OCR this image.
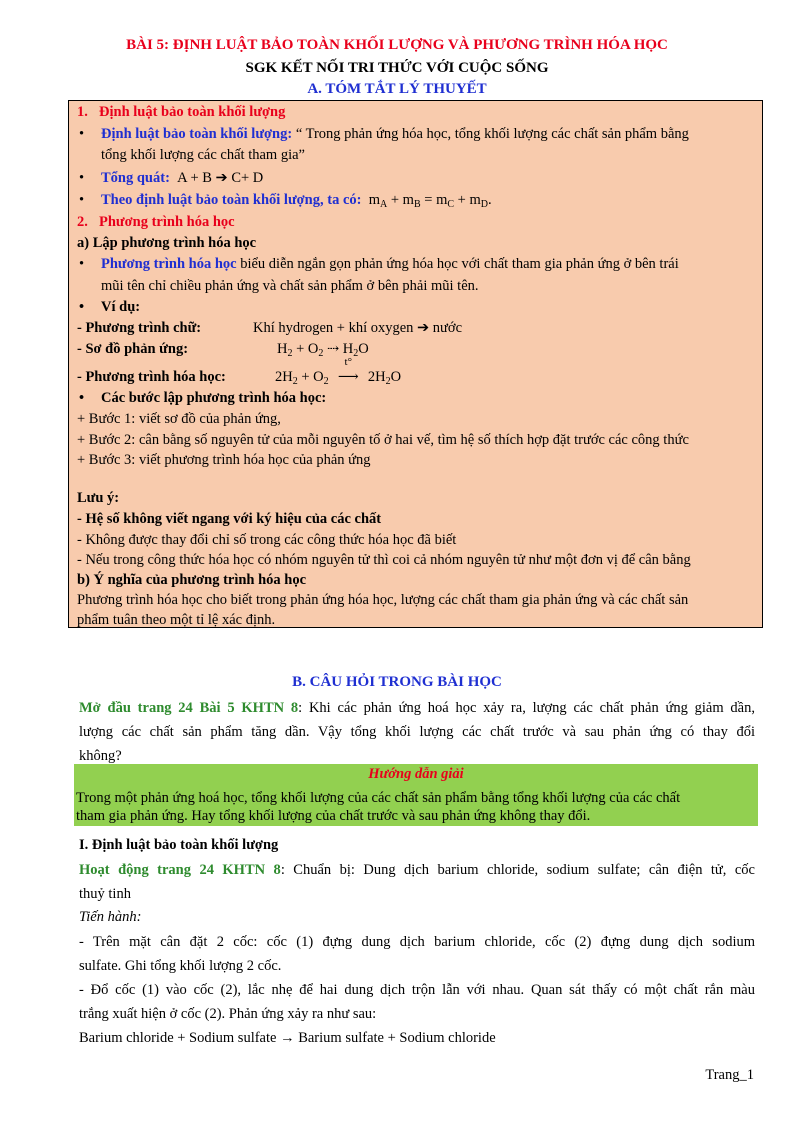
BÀI 5: ĐỊNH LUẬT BẢO TOÀN KHỐI LƯỢNG VÀ PHƯƠNG TRÌNH HÓA HỌC
SGK KẾT NỐI TRI THỨC VỚI CUỘC SỐNG
A. TÓM TẮT LÝ THUYẾT
1. Định luật bảo toàn khối lượng
• Định luật bảo toàn khối lượng: “ Trong phản ứng hóa học, tổng khối lượng các chất sản phẩm bằng
tổng khối lượng các chất tham gia”
• Tổng quát: A + B ➔ C+ D
• Theo định luật bảo toàn khối lượng, ta có: $m_A + m_B = m_C + m_D$.
2. Phương trình hóa học
a) Lập phương trình hóa học
• Phương trình hóa học biểu diễn ngắn gọn phản ứng hóa học với chất tham gia phản ứng ở bên trái
mũi tên chỉ chiều phản ứng và chất sản phẩm ở bên phải mũi tên.
• Ví dụ:
- Phương trình chữ:	Khí hydrogen + khí oxygen ➔ nước
- Sơ đồ phản ứng:	$H_2 + O_2$ ⇢ $H_2O$
- Phương trình hóa học:	$2H_2 + O_2$
t°
⟶ $2H_2O$
• Các bước lập phương trình hóa học:
+ Bước 1: viết sơ đồ của phản ứng,
+ Bước 2: cân bằng số nguyên tử của mỗi nguyên tố ở hai vế, tìm hệ số thích hợp đặt trước các công thức
+ Bước 3: viết phương trình hóa học của phản ứng
Lưu ý:
- Hệ số không viết ngang với ký hiệu của các chất
- Không được thay đổi chỉ số trong các công thức hóa học đã biết
- Nếu trong công thức hóa học có nhóm nguyên tử thì coi cả nhóm nguyên tử như một đơn vị để cân bằng
b) Ý nghĩa của phương trình hóa học
Phương trình hóa học cho biết trong phản ứng hóa học, lượng các chất tham gia phản ứng và các chất sản
phẩm tuân theo một tỉ lệ xác định.
B. CÂU HỎI TRONG BÀI HỌC
Mở đầu trang 24 Bài 5 KHTN 8: Khi các phản ứng hoá học xảy ra, lượng các chất phản ứng giảm dần,
lượng các chất sản phẩm tăng dần. Vậy tổng khối lượng các chất trước và sau phản ứng có thay đổi
không?
Hướng dẫn giải
Trong một phản ứng hoá học, tổng khối lượng của các chất sản phẩm bằng tổng khối lượng của các chất
tham gia phản ứng. Hay tổng khối lượng của chất trước và sau phản ứng không thay đổi.
I. Định luật bảo toàn khối lượng
Hoạt động trang 24 KHTN 8: Chuẩn bị: Dung dịch barium chloride, sodium sulfate; cân điện tử, cốc
thuỷ tinh
Tiến hành:
- Trên mặt cân đặt 2 cốc: cốc (1) đựng dung dịch barium chloride, cốc (2) đựng dung dịch sodium
sulfate. Ghi tổng khối lượng 2 cốc.
- Đổ cốc (1) vào cốc (2), lắc nhẹ để hai dung dịch trộn lẫn với nhau. Quan sát thấy có một chất rắn màu
trắng xuất hiện ở cốc (2). Phản ứng xảy ra như sau:
Barium chloride + Sodium sulfate → Barium sulfate + Sodium chloride
Trang_1
